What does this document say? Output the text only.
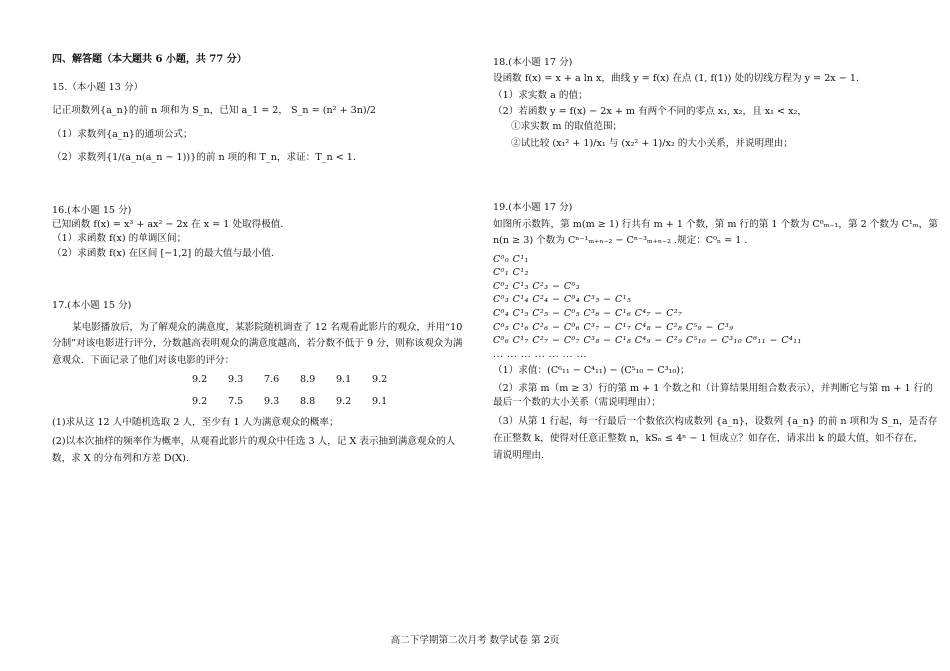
四、解答题（本大题共 6 小题，共 77 分）
15.（本小题 13 分）
记正项数列{a_n}的前 n 项和为 S_n，已知 a_1 = 2， S_n = (n² + 3n)/2
（1）求数列{a_n}的通项公式；
（2）求数列{1/(a_n(a_n − 1))}的前 n 项的和 T_n，求证：T_n < 1.
16.(本小题 15 分)
已知函数 f(x) = x³ + ax² − 2x 在 x = 1 处取得极值.
（1）求函数 f(x) 的单调区间；
（2）求函数 f(x) 在区间 [−1,2] 的最大值与最小值.
17.(本小题 15 分)
某电影播放后，为了解观众的满意度，某影院随机调查了 12 名观看此影片的观众，并用“10分制”对该电影进行评分，分数越高表明观众的满意度越高，若分数不低于 9 分，则称该观众为满意观众．下面记录了他们对该电影的评分：
9.2	9.3	7.6	8.9	9.1	9.2
9.2	7.5	9.3	8.8	9.2	9.1
(1)求从这 12 人中随机选取 2 人，至少有 1 人为满意观众的概率；
(2)以本次抽样的频率作为概率，从观看此影片的观众中任选 3 人，记 X 表示抽到满意观众的人数，求 X 的分布列和方差 D(X).
18.(本小题 17 分)
设函数 f(x) = x + a ln x，曲线 y = f(x) 在点 (1, f(1)) 处的切线方程为 y = 2x − 1.
（1）求实数 a 的值；
（2）若函数 y = f(x) − 2x + m 有两个不同的零点 x₁, x₂，且 x₁ < x₂，
①求实数 m 的取值范围；
②试比较 (x₁² + 1)/x₁ 与 (x₂² + 1)/x₂ 的大小关系，并说明理由；
19.(本小题 17 分)
如图所示数阵，第 m(m ≥ 1) 行共有 m + 1 个数，第 m 行的第 1 个数为 C⁰ₘ₋₁，第 2 个数为 C¹ₘ，第
n(n ≥ 3) 个数为 Cⁿ⁻¹ₘ₊ₙ₋₂ − Cⁿ⁻³ₘ₊ₙ₋₂ .规定：C⁰ₙ = 1 .
C⁰₀ C¹₁
C⁰₁ C¹₂
C⁰₂ C¹₃ C²₃ − C⁰₃
C⁰₃ C¹₄ C²₄ − C⁰₄ C³₅ − C¹₅
C⁰₄ C¹₅ C²₅ − C⁰₅ C³₆ − C¹₆ C⁴₇ − C²₇
C⁰₅ C¹₆ C²₆ − C⁰₆ C³₇ − C¹₇ C⁴₈ − C²₈ C⁵₉ − C³₉
C⁰₆ C¹₇ C²₇ − C⁰₇ C³₈ − C¹₈ C⁴₉ − C²₉ C⁵₁₀ − C³₁₀ C⁶₁₁ − C⁴₁₁
... ... ... ... ... ... ...
（1）求值：(C⁶₁₁ − C⁴₁₁) − (C⁵₁₀ − C³₁₀)；
（2）求第 m（m ≥ 3）行的第 m + 1 个数之和（计算结果用组合数表示），并判断它与第 m + 1 行的
最后一个数的大小关系（需说明理由）；
（3）从第 1 行起，每一行最后一个数依次构成数列 {a_n}，设数列 {a_n} 的前 n 项和为 S_n，是否存
在正整数 k，使得对任意正整数 n，kSₙ ≤ 4ⁿ − 1 恒成立？如存在，请求出 k 的最大值，如不存在，
请说明理由.
高二下学期第二次月考 数学试卷 第 2页
